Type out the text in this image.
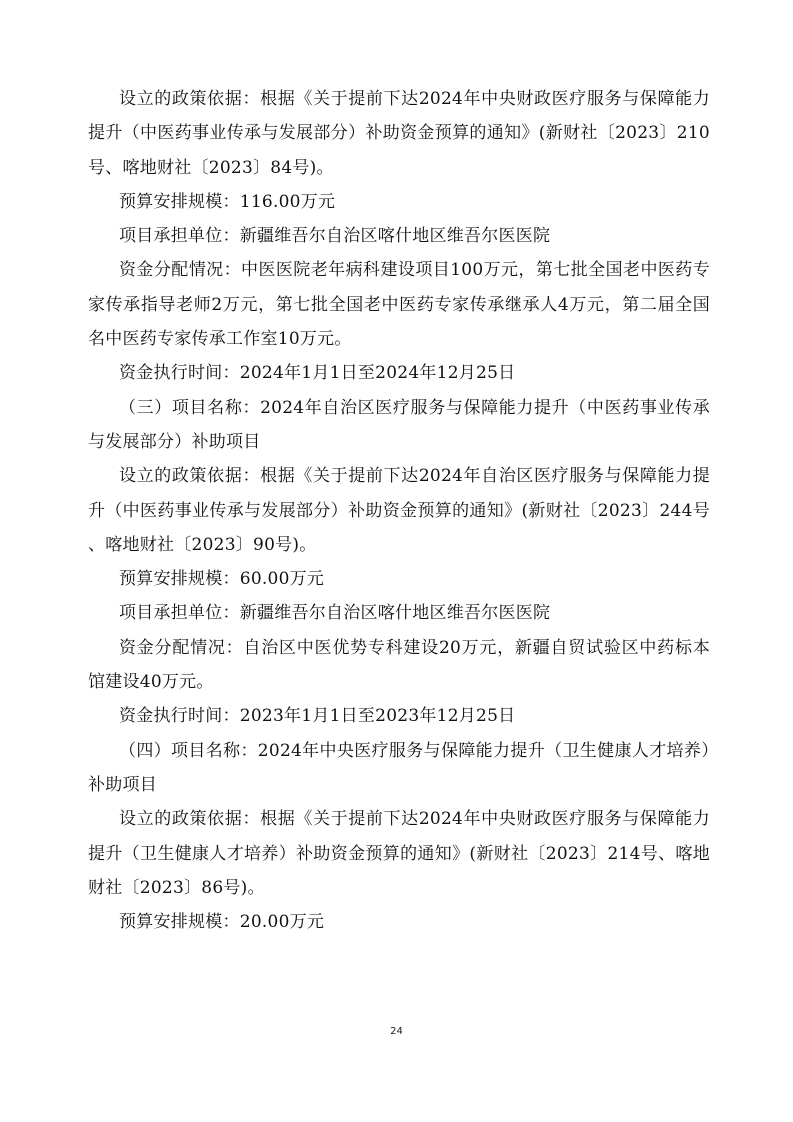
设立的政策依据：根据《关于提前下达2024年中央财政医疗服务与保障能力提升（中医药事业传承与发展部分）补助资金预算的通知》(新财社〔2023〕210号、喀地财社〔2023〕84号)。

预算安排规模：116.00万元

项目承担单位：新疆维吾尔自治区喀什地区维吾尔医医院

资金分配情况：中医医院老年病科建设项目100万元，第七批全国老中医药专家传承指导老师2万元，第七批全国老中医药专家传承继承人4万元，第二届全国名中医药专家传承工作室10万元。

资金执行时间：2024年1月1日至2024年12月25日

（三）项目名称：2024年自治区医疗服务与保障能力提升（中医药事业传承与发展部分）补助项目

设立的政策依据：根据《关于提前下达2024年自治区医疗服务与保障能力提升（中医药事业传承与发展部分）补助资金预算的通知》(新财社〔2023〕244号 、喀地财社〔2023〕90号)。

预算安排规模：60.00万元

项目承担单位：新疆维吾尔自治区喀什地区维吾尔医医院

资金分配情况：自治区中医优势专科建设20万元，新疆自贸试验区中药标本馆建设40万元。

资金执行时间：2023年1月1日至2023年12月25日

（四）项目名称：2024年中央医疗服务与保障能力提升（卫生健康人才培养）补助项目

设立的政策依据：根据《关于提前下达2024年中央财政医疗服务与保障能力提升（卫生健康人才培养）补助资金预算的通知》(新财社〔2023〕214号、喀地财社〔2023〕86号)。

预算安排规模：20.00万元

24
